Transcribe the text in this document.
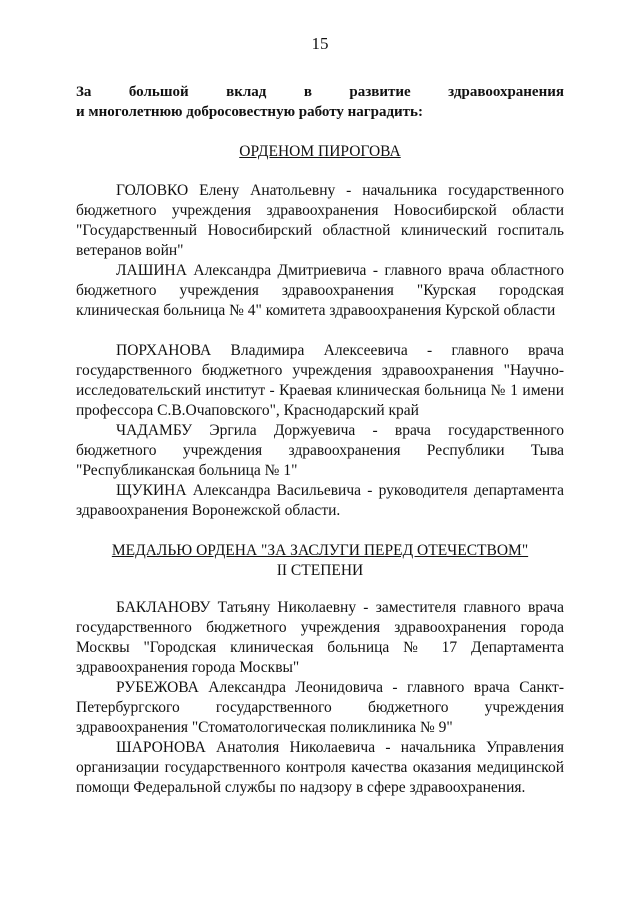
15
За большой вклад в развитие здравоохранения
и многолетнюю добросовестную работу наградить:
ОРДЕНОМ ПИРОГОВА
ГОЛОВКО Елену Анатольевну - начальника государственного бюджетного учреждения здравоохранения Новосибирской области "Государственный Новосибирский областной клинический госпиталь ветеранов войн"
ЛАШИНА Александра Дмитриевича - главного врача областного бюджетного учреждения здравоохранения "Курская городская клиническая больница № 4" комитета здравоохранения Курской области
ПОРХАНОВА Владимира Алексеевича - главного врача государственного бюджетного учреждения здравоохранения "Научно-исследовательский институт - Краевая клиническая больница № 1 имени профессора С.В.Очаповского", Краснодарский край
ЧАДАМБУ Эргила Доржуевича - врача государственного бюджетного учреждения здравоохранения Республики Тыва "Республиканская больница № 1"
ЩУКИНА Александра Васильевича - руководителя департамента здравоохранения Воронежской области.
МЕДАЛЬЮ ОРДЕНА "ЗА ЗАСЛУГИ ПЕРЕД ОТЕЧЕСТВОМ"
II СТЕПЕНИ
БАКЛАНОВУ Татьяну Николаевну - заместителя главного врача государственного бюджетного учреждения здравоохранения города Москвы "Городская клиническая больница № 17 Департамента здравоохранения города Москвы"
РУБЕЖОВА Александра Леонидовича - главного врача Санкт-Петербургского государственного бюджетного учреждения здравоохранения "Стоматологическая поликлиника № 9"
ШАРОНОВА Анатолия Николаевича - начальника Управления организации государственного контроля качества оказания медицинской помощи Федеральной службы по надзору в сфере здравоохранения.
